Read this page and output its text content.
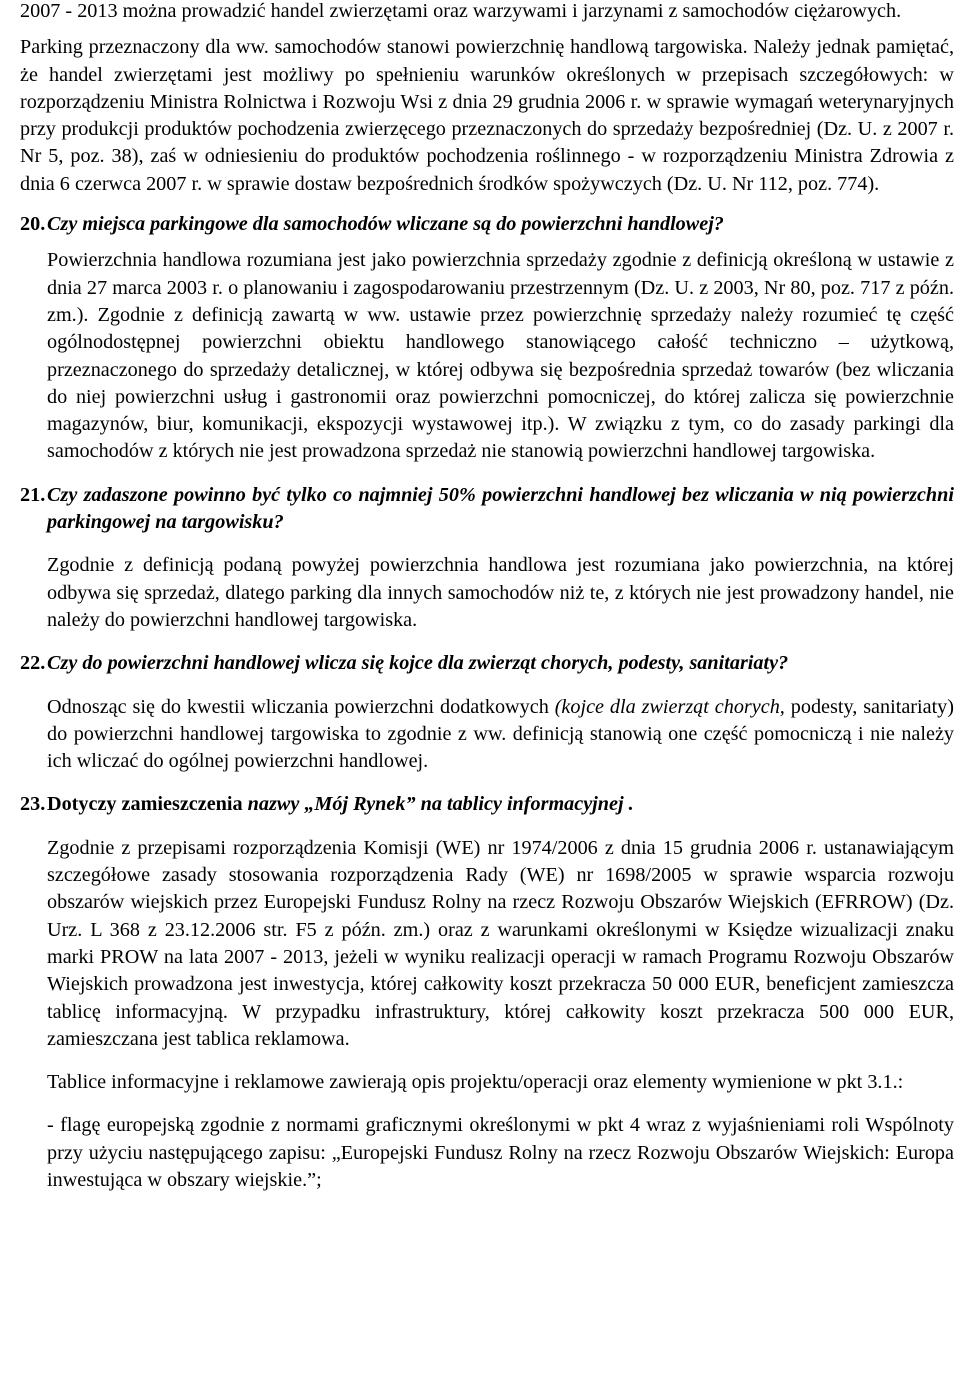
2007 - 2013 można prowadzić handel zwierzętami oraz warzywami i jarzynami z samochodów ciężarowych.

Parking przeznaczony dla ww. samochodów stanowi powierzchnię handlową targowiska. Należy jednak pamiętać, że handel zwierzętami jest możliwy po spełnieniu warunków określonych w przepisach szczegółowych: w rozporządzeniu Ministra Rolnictwa i Rozwoju Wsi z dnia 29 grudnia 2006 r. w sprawie wymagań weterynaryjnych przy produkcji produktów pochodzenia zwierzęcego przeznaczonych do sprzedaży bezpośredniej (Dz. U. z 2007 r. Nr 5, poz. 38), zaś w odniesieniu do produktów pochodzenia roślinnego - w rozporządzeniu Ministra Zdrowia z dnia 6 czerwca 2007 r. w sprawie dostaw bezpośrednich środków spożywczych (Dz. U. Nr 112, poz. 774).

20. Czy miejsca parkingowe dla samochodów wliczane są do powierzchni handlowej?

Powierzchnia handlowa rozumiana jest jako powierzchnia sprzedaży zgodnie z definicją określoną w ustawie z dnia 27 marca 2003 r. o planowaniu i zagospodarowaniu przestrzennym (Dz. U. z 2003, Nr 80, poz. 717 z późn. zm.). Zgodnie z definicją zawartą w ww. ustawie przez powierzchnię sprzedaży należy rozumieć tę część ogólnodostępnej powierzchni obiektu handlowego stanowiącego całość techniczno – użytkową, przeznaczonego do sprzedaży detalicznej, w której odbywa się bezpośrednia sprzedaż towarów (bez wliczania do niej powierzchni usług i gastronomii oraz powierzchni pomocniczej, do której zalicza się powierzchnie magazynów, biur, komunikacji, ekspozycji wystawowej itp.). W związku z tym, co do zasady parkingi dla samochodów z których nie jest prowadzona sprzedaż nie stanowią powierzchni handlowej targowiska.

21. Czy zadaszone powinno być tylko co najmniej 50% powierzchni handlowej bez wliczania w nią powierzchni parkingowej na targowisku?

Zgodnie z definicją podaną powyżej powierzchnia handlowa jest rozumiana jako powierzchnia, na której odbywa się sprzedaż, dlatego parking dla innych samochodów niż te, z których nie jest prowadzony handel, nie należy do powierzchni handlowej targowiska.

22. Czy do powierzchni handlowej wlicza się kojce dla zwierząt chorych, podesty, sanitariaty?

Odnosząc się do kwestii wliczania powierzchni dodatkowych (kojce dla zwierząt chorych, podesty, sanitariaty) do powierzchni handlowej targowiska to zgodnie z ww. definicją stanowią one część pomocniczą i nie należy ich wliczać do ogólnej powierzchni handlowej.

23. Dotyczy zamieszczenia nazwy „Mój Rynek” na tablicy informacyjnej .

Zgodnie z przepisami rozporządzenia Komisji (WE) nr 1974/2006 z dnia 15 grudnia 2006 r. ustanawiającym szczegółowe zasady stosowania rozporządzenia Rady (WE) nr 1698/2005 w sprawie wsparcia rozwoju obszarów wiejskich przez Europejski Fundusz Rolny na rzecz Rozwoju Obszarów Wiejskich (EFRROW) (Dz. Urz. L 368 z 23.12.2006 str. F5 z późn. zm.) oraz z warunkami określonymi w Księdze wizualizacji znaku marki PROW na lata 2007 - 2013, jeżeli w wyniku realizacji operacji w ramach Programu Rozwoju Obszarów Wiejskich prowadzona jest inwestycja, której całkowity koszt przekracza 50 000 EUR, beneficjent zamieszcza tablicę informacyjną. W przypadku infrastruktury, której całkowity koszt przekracza 500 000 EUR, zamieszczana jest tablica reklamowa.

Tablice informacyjne i reklamowe zawierają opis projektu/operacji oraz elementy wymienione w pkt 3.1.:

- flagę europejską zgodnie z normami graficznymi określonymi w pkt 4 wraz z wyjaśnieniami roli Wspólnoty przy użyciu następującego zapisu: „Europejski Fundusz Rolny na rzecz Rozwoju Obszarów Wiejskich: Europa inwestująca w obszary wiejskie.”;
